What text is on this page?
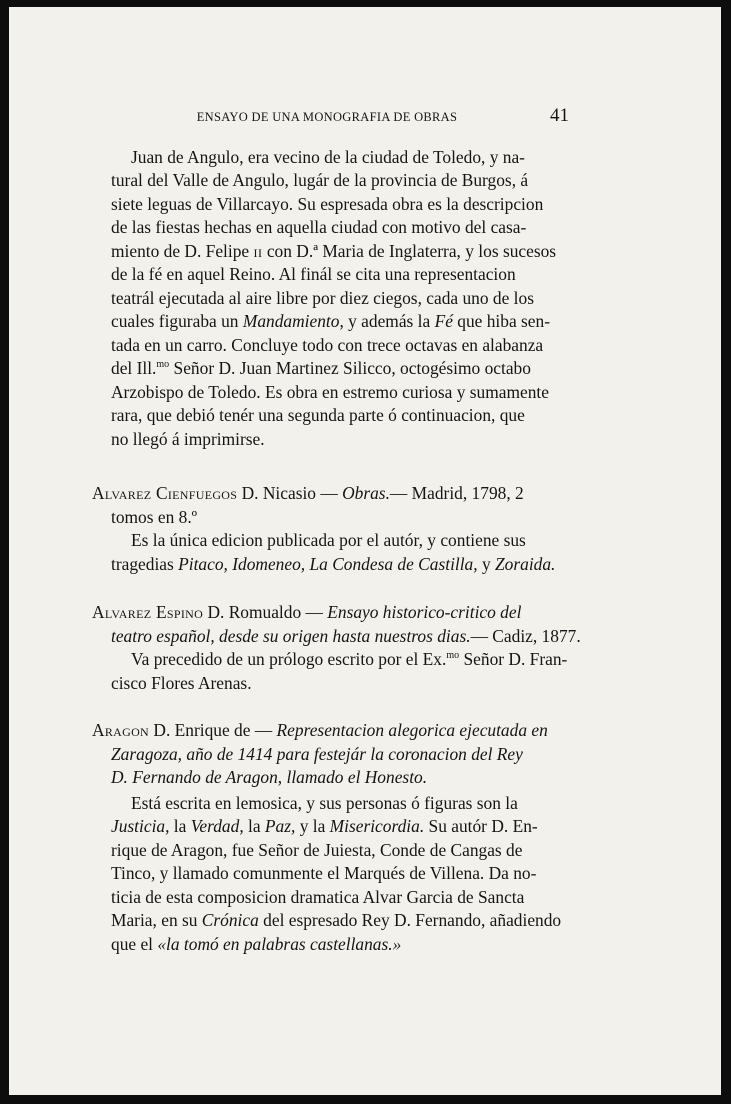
ENSAYO DE UNA MONOGRAFIA DE OBRAS	41
Juan de Angulo, era vecino de la ciudad de Toledo, y na-
tural del Valle de Angulo, lugár de la provincia de Burgos, á
siete leguas de Villarcayo. Su espresada obra es la descripcion
de las fiestas hechas en aquella ciudad con motivo del casa-
miento de D. Felipe II con D.ª Maria de Inglaterra, y los sucesos
de la fé en aquel Reino. Al finál se cita una representacion
teatrál ejecutada al aire libre por diez ciegos, cada uno de los
cuales figuraba un Mandamiento, y además la Fé que hiba sen-
tada en un carro. Concluye todo con trece octavas en alabanza
del Ill.$^{mo}$ Señor D. Juan Martinez Silicco, octogésimo octabo
Arzobispo de Toledo. Es obra en estremo curiosa y sumamente
rara, que debió tenér una segunda parte ó continuacion, que
no llegó á imprimirse.
Alvarez Cienfuegos D. Nicasio — Obras.— Madrid, 1798, 2
tomos en 8.º
Es la única edicion publicada por el autór, y contiene sus
tragedias Pitaco, Idomeneo, La Condesa de Castilla, y Zoraida.
Alvarez Espino D. Romualdo — Ensayo historico-critico del
teatro español, desde su origen hasta nuestros dias.— Cadiz, 1877.
Va precedido de un prólogo escrito por el Ex.$^{mo}$ Señor D. Fran-
cisco Flores Arenas.
Aragon D. Enrique de — Representacion alegorica ejecutada en
Zaragoza, año de 1414 para festejár la coronacion del Rey
D. Fernando de Aragon, llamado el Honesto.
Está escrita en lemosica, y sus personas ó figuras son la
Justicia, la Verdad, la Paz, y la Misericordia. Su autór D. En-
rique de Aragon, fue Señor de Juiesta, Conde de Cangas de
Tinco, y llamado comunmente el Marqués de Villena. Da no-
ticia de esta composicion dramatica Alvar Garcia de Sancta
Maria, en su Crónica del espresado Rey D. Fernando, añadiendo
que el «la tomó en palabras castellanas.»
